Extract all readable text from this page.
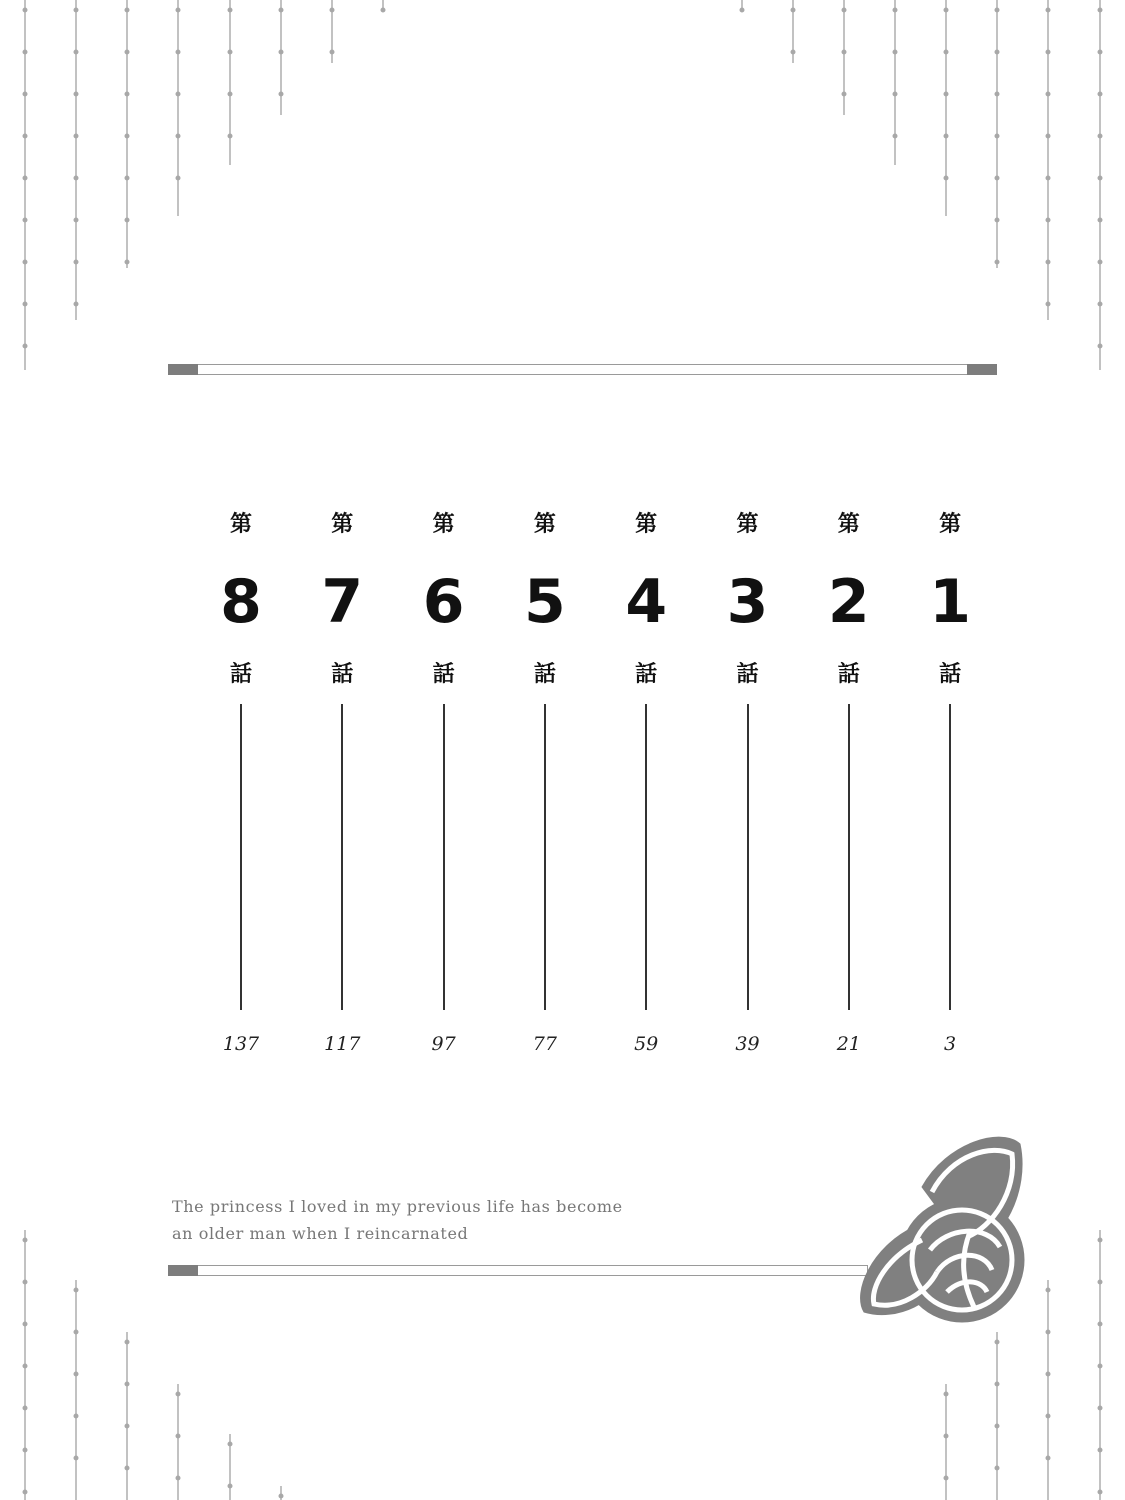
第
8
話
137
第
7
話
117
第
6
話
97
第
5
話
77
第
4
話
59
第
3
話
39
第
2
話
21
第
1
話
3
The princess I loved in my previous life has become
an older man when I reincarnated
